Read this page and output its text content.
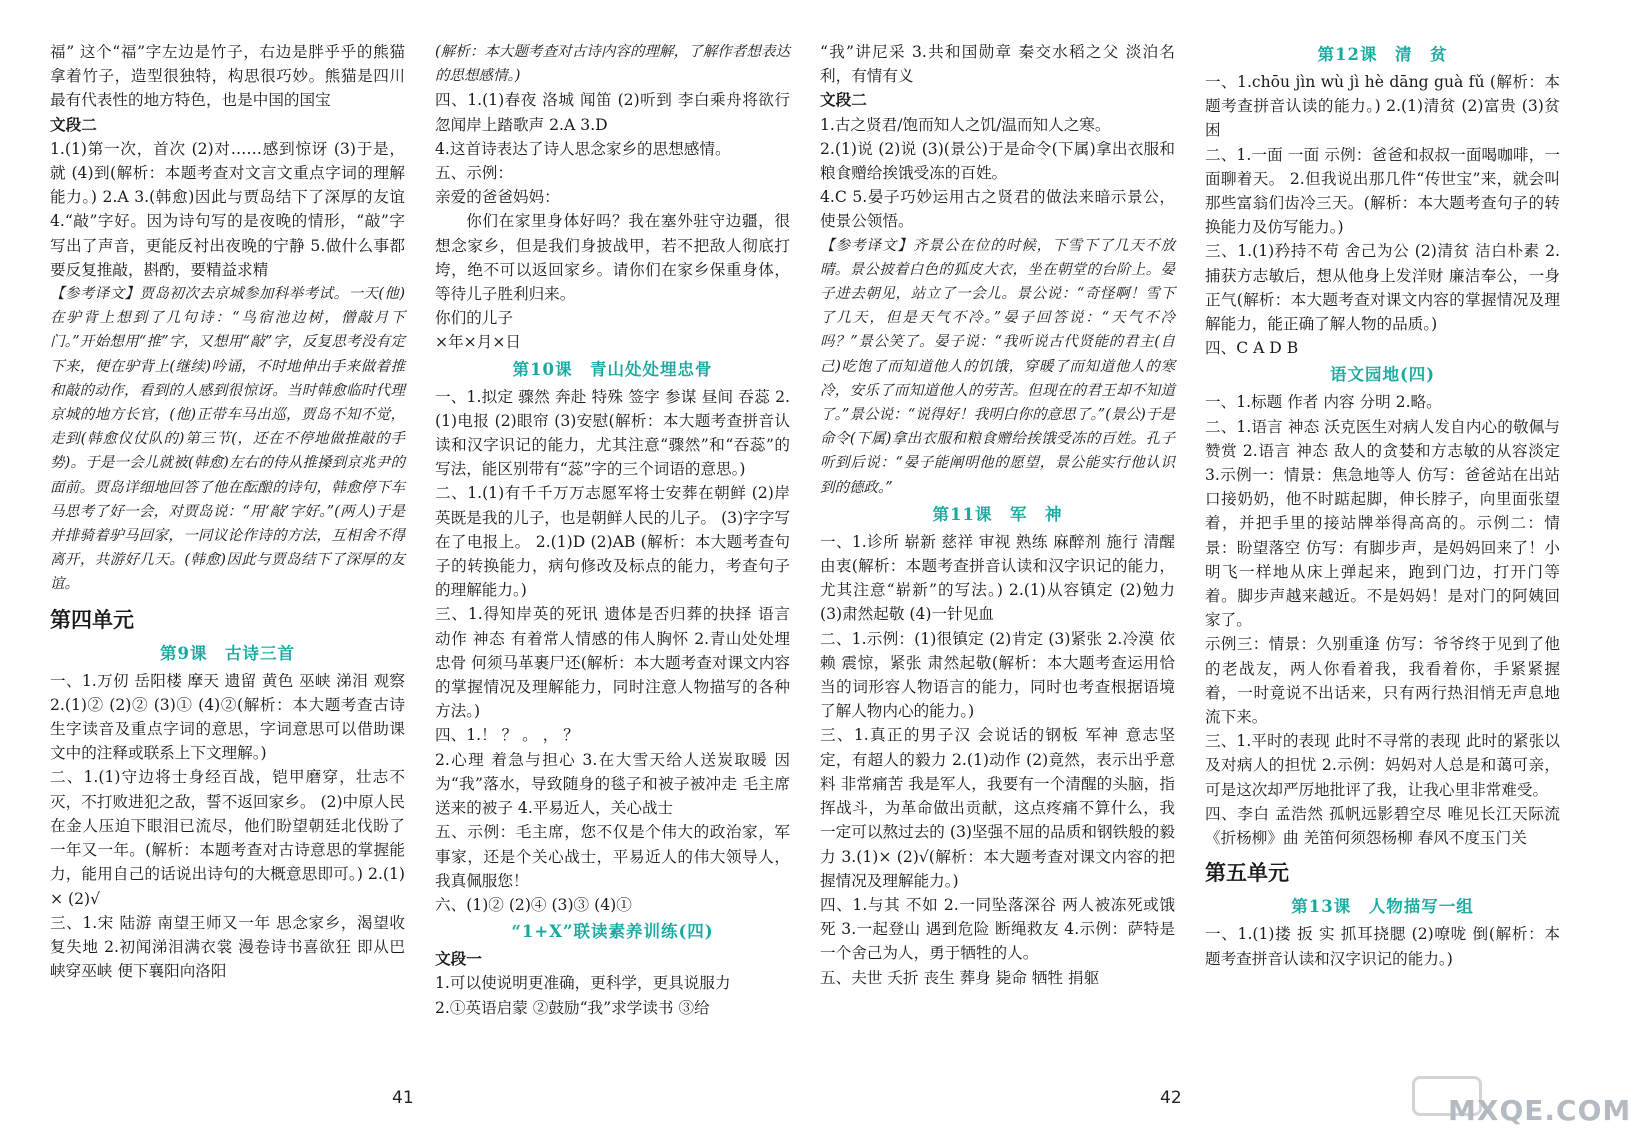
福” 这个“福”字左边是竹子，右边是胖乎乎的熊猫拿着竹子，造型很独特，构思很巧妙。熊猫是四川最有代表性的地方特色，也是中国的国宝

文段二

1.(1)第一次，首次 (2)对……感到惊讶 (3)于是，就 (4)到(解析：本题考查对文言文重点字词的理解能力。) 2.A 3.(韩愈)因此与贾岛结下了深厚的友谊 4.“敲”字好。因为诗句写的是夜晚的情形，“敲”字写出了声音，更能反衬出夜晚的宁静 5.做什么事都要反复推敲，斟酌，要精益求精

【参考译文】贾岛初次去京城参加科举考试。一天(他)在驴背上想到了几句诗：“鸟宿池边树，僧敲月下门。”开始想用“推”字，又想用“敲”字，反复思考没有定下来，便在驴背上(继续)吟诵，不时地伸出手来做着推和敲的动作，看到的人感到很惊讶。当时韩愈临时代理京城的地方长官，(他)正带车马出巡，贾岛不知不觉，走到(韩愈仪仗队的)第三节(，还在不停地做推敲的手势)。于是一会儿就被(韩愈)左右的侍从推搡到京兆尹的面前。贾岛详细地回答了他在酝酿的诗句，韩愈停下车马思考了好一会，对贾岛说：“用‘敲’字好。”(两人)于是并排骑着驴马回家，一同议论作诗的方法，互相舍不得离开，共游好几天。(韩愈)因此与贾岛结下了深厚的友谊。

第四单元
第9课　古诗三首

一、1.万仞 岳阳楼 摩天 遗留 黄色 巫峡 涕泪 观察 2.(1)② (2)② (3)① (4)②(解析：本大题考查古诗生字读音及重点字词的意思，字词意思可以借助课文中的注释或联系上下文理解。)

二、1.(1)守边将士身经百战，铠甲磨穿，壮志不灭，不打败进犯之敌，誓不返回家乡。 (2)中原人民在金人压迫下眼泪已流尽，他们盼望朝廷北伐盼了一年又一年。(解析：本题考查对古诗意思的掌握能力，能用自己的话说出诗句的大概意思即可。) 2.(1)× (2)√

三、1.宋 陆游 南望王师又一年 思念家乡，渴望收复失地 2.初闻涕泪满衣裳 漫卷诗书喜欲狂 即从巴峡穿巫峡 便下襄阳向洛阳

(解析：本大题考查对古诗内容的理解，了解作者想表达的思想感情。)

四、1.(1)春夜 洛城 闻笛 (2)听到 李白乘舟将欲行 忽闻岸上踏歌声 2.A 3.D

4.这首诗表达了诗人思念家乡的思想感情。

五、示例：

亲爱的爸爸妈妈：

你们在家里身体好吗？我在塞外驻守边疆，很想念家乡，但是我们身披战甲，若不把敌人彻底打垮，绝不可以返回家乡。请你们在家乡保重身体，等待儿子胜利归来。

你们的儿子

×年×月×日

第10课　青山处处埋忠骨

一、1.拟定 骤然 奔赴 特殊 签字 参谋 昼间 吞蕊 2.(1)电报 (2)眼帘 (3)安慰(解析：本大题考查拼音认读和汉字识记的能力，尤其注意“骤然”和“吞蕊”的写法，能区别带有“蕊”字的三个词语的意思。)

二、1.(1)有千千万万志愿军将士安葬在朝鲜 (2)岸英既是我的儿子，也是朝鲜人民的儿子。 (3)字字写在了电报上。 2.(1)D (2)AB (解析：本大题考查句子的转换能力，病句修改及标点的能力，考查句子的理解能力。)

三、1.得知岸英的死讯 遗体是否归葬的抉择 语言 动作 神态 有着常人情感的伟人胸怀 2.青山处处埋忠骨 何须马革裹尸还(解析：本大题考查对课文内容的掌握情况及理解能力，同时注意人物描写的各种方法。)

四、1.！ ？ 。 ， ？

2.心理 着急与担心 3.在大雪天给人送炭取暖 因为“我”落水，导致随身的毯子和被子被冲走 毛主席送来的被子 4.平易近人，关心战士

五、示例：毛主席，您不仅是个伟大的政治家，军事家，还是个关心战士，平易近人的伟大领导人，我真佩服您！

六、(1)② (2)④ (3)③ (4)①

“1+X”联读素养训练(四)

文段一

1.可以使说明更准确，更科学，更具说服力

2.①英语启蒙 ②鼓励“我”求学读书 ③给

41

“我”讲尼采 3.共和国勋章 秦交水稻之父 淡泊名利，有情有义

文段二

1.古之贤君/饱而知人之饥/温而知人之寒。

2.(1)说 (2)说 (3)(景公)于是命令(下属)拿出衣服和粮食赠给挨饿受冻的百姓。

4.C 5.晏子巧妙运用古之贤君的做法来暗示景公，使景公领悟。

【参考译文】齐景公在位的时候，下雪下了几天不放晴。景公披着白色的狐皮大衣，坐在朝堂的台阶上。晏子进去朝见，站立了一会儿。景公说：“奇怪啊！雪下了几天，但是天气不冷。”晏子回答说：“天气不冷吗？”景公笑了。晏子说：“我听说古代贤能的君主(自己)吃饱了而知道他人的饥饿，穿暖了而知道他人的寒冷，安乐了而知道他人的劳苦。但现在的君王却不知道了。”景公说：“说得好！我明白你的意思了。”(景公)于是命令(下属)拿出衣服和粮食赠给挨饿受冻的百姓。孔子听到后说：“晏子能阐明他的愿望，景公能实行他认识到的德政。”

第11课　军　神

一、1.诊所 崭新 慈祥 审视 熟练 麻醉剂 施行 清醒 由衷(解析：本题考查拼音认读和汉字识记的能力，尤其注意“崭新”的写法。) 2.(1)从容镇定 (2)勉力 (3)肃然起敬 (4)一针见血

二、1.示例：(1)很镇定 (2)肯定 (3)紧张 2.冷漠 依赖 震惊，紧张 肃然起敬(解析：本大题考查运用恰当的词形容人物语言的能力，同时也考查根据语境了解人物内心的能力。)

三、1.真正的男子汉 会说话的钢板 军神 意志坚定，有超人的毅力 2.(1)动作 (2)竟然，表示出乎意料 非常痛苦 我是军人，我要有一个清醒的头脑，指挥战斗，为革命做出贡献，这点疼痛不算什么，我一定可以熬过去的 (3)坚强不屈的品质和钢铁般的毅力 3.(1)× (2)√(解析：本大题考查对课文内容的把握情况及理解能力。)

四、1.与其 不如 2.一同坠落深谷 两人被冻死或饿死 3.一起登山 遇到危险 断绳救友 4.示例：萨特是一个舍己为人，勇于牺牲的人。

五、夫世 夭折 丧生 葬身 毙命 牺牲 捐躯

第12课　清　贫

一、1.chōu jìn wù jì hè dāng guà fǔ (解析：本题考查拼音认读的能力。) 2.(1)清贫 (2)富贵 (3)贫困

二、1.一面 一面 示例：爸爸和叔叔一面喝咖啡，一面聊着天。 2.但我说出那几件“传世宝”来，就会叫那些富翁们齿冷三天。(解析：本大题考查句子的转换能力及仿写能力。)

三、1.(1)矜持不苟 舍己为公 (2)清贫 洁白朴素 2.捕获方志敏后，想从他身上发洋财 廉洁奉公，一身正气(解析：本大题考查对课文内容的掌握情况及理解能力，能正确了解人物的品质。)

四、C A D B

语文园地(四)

一、1.标题 作者 内容 分明 2.略。

二、1.语言 神态 沃克医生对病人发自内心的敬佩与赞赏 2.语言 神态 敌人的贪婪和方志敏的从容淡定 3.示例一：情景：焦急地等人 仿写：爸爸站在出站口接奶奶，他不时踮起脚，伸长脖子，向里面张望着，并把手里的接站牌举得高高的。示例二：情景：盼望落空 仿写：有脚步声，是妈妈回来了！小明飞一样地从床上弹起来，跑到门边，打开门等着。脚步声越来越近。不是妈妈！是对门的阿姨回家了。

示例三：情景：久别重逢 仿写：爷爷终于见到了他的老战友，两人你看着我，我看着你，手紧紧握着，一时竟说不出话来，只有两行热泪悄无声息地流下来。

三、1.平时的表现 此时不寻常的表现 此时的紧张以及对病人的担忧 2.示例：妈妈对人总是和蔼可亲，可是这次却严厉地批评了我，让我心里非常难受。

四、李白 孟浩然 孤帆远影碧空尽 唯见长江天际流 《折杨柳》曲 羌笛何须怨杨柳 春风不度玉门关

第五单元
第13课　人物描写一组

一、1.(1)搂 扳 实 抓耳挠腮 (2)嘹咙 倒(解析：本题考查拼音认读和汉字识记的能力。)

42	MXQE.COM
